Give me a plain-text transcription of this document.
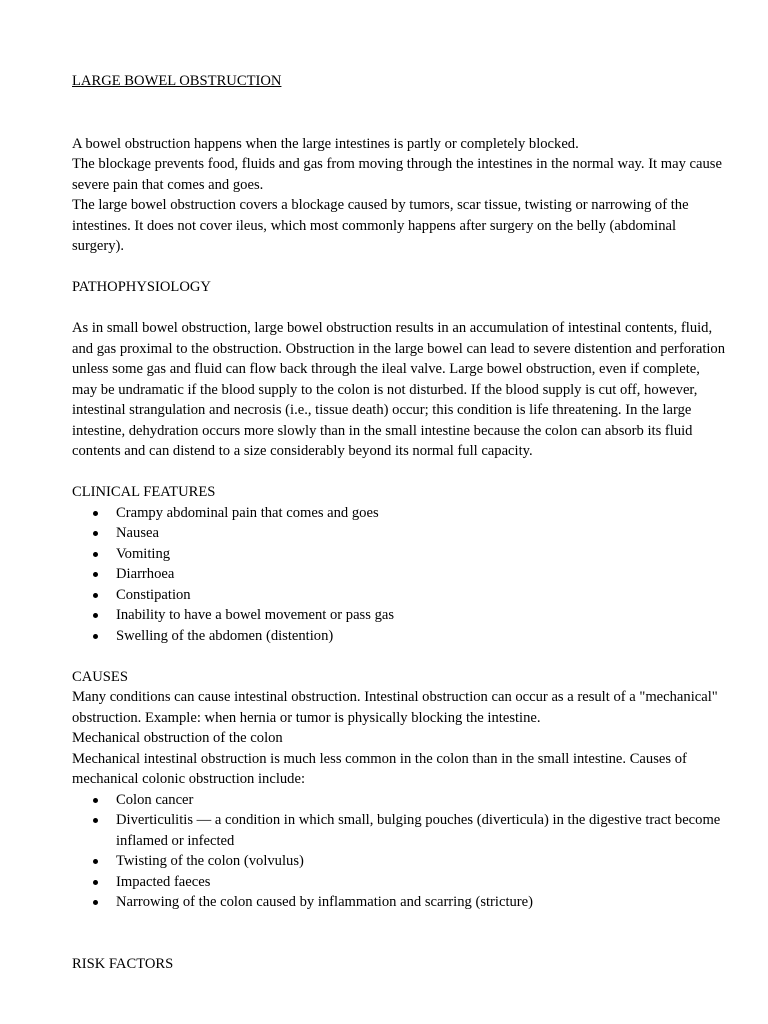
LARGE BOWEL OBSTRUCTION

A bowel obstruction happens when the large intestines is partly or completely blocked.

The blockage prevents food, fluids and gas from moving through the intestines in the normal way. It may cause severe pain that comes and goes.

The large bowel obstruction covers a blockage caused by tumors, scar tissue, twisting or narrowing of the intestines. It does not cover ileus, which most commonly happens after surgery on the belly (abdominal surgery).

PATHOPHYSIOLOGY

As in small bowel obstruction, large bowel obstruction results in an accumulation of intestinal contents, fluid, and gas proximal to the obstruction. Obstruction in the large bowel can lead to severe distention and perforation unless some gas and fluid can flow back through the ileal valve. Large bowel obstruction, even if complete, may be undramatic if the blood supply to the colon is not disturbed. If the blood supply is cut off, however, intestinal strangulation and necrosis (i.e., tissue death) occur; this condition is life threatening. In the large intestine, dehydration occurs more slowly than in the small intestine because the colon can absorb its fluid contents and can distend to a size considerably beyond its normal full capacity.

CLINICAL FEATURES

Crampy abdominal pain that comes and goes
Nausea
Vomiting
Diarrhoea
Constipation
Inability to have a bowel movement or pass gas
Swelling of the abdomen (distention)

CAUSES

Many conditions can cause intestinal obstruction. Intestinal obstruction can occur as a result of a "mechanical" obstruction. Example: when hernia or tumor is physically blocking the intestine.

Mechanical obstruction of the colon

Mechanical intestinal obstruction is much less common in the colon than in the small intestine. Causes of mechanical colonic obstruction include:

Colon cancer
Diverticulitis — a condition in which small, bulging pouches (diverticula) in the digestive tract become inflamed or infected
Twisting of the colon (volvulus)
Impacted faeces
Narrowing of the colon caused by inflammation and scarring (stricture)

RISK FACTORS
